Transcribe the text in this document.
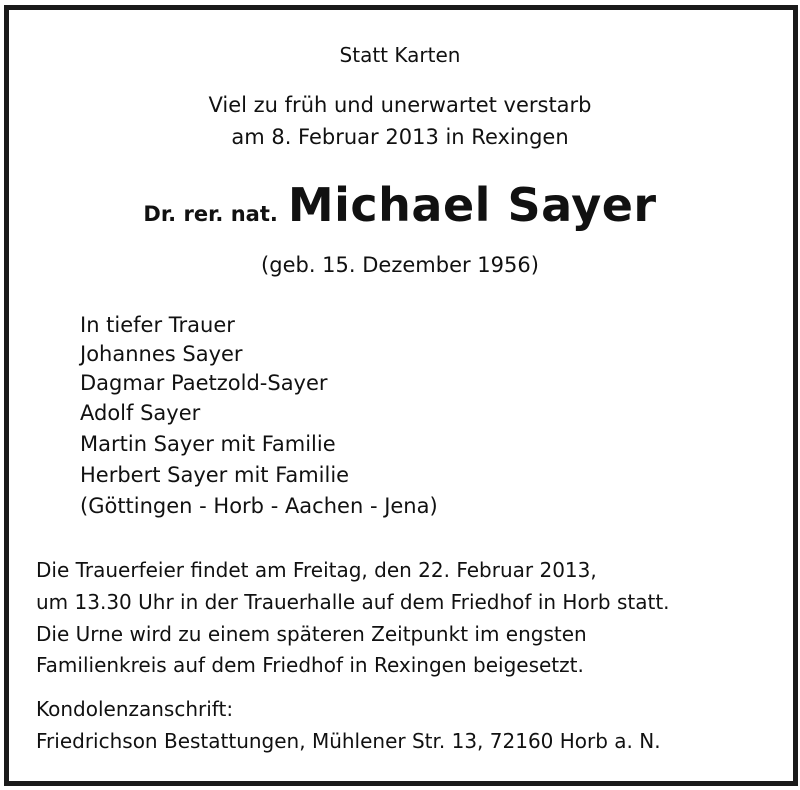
Statt Karten
Viel zu früh und unerwartet verstarb
am 8. Februar 2013 in Rexingen
Dr. rer. nat. Michael Sayer
(geb. 15. Dezember 1956)
In tiefer Trauer
Johannes Sayer
Dagmar Paetzold-Sayer
Adolf Sayer
Martin Sayer mit Familie
Herbert Sayer mit Familie
(Göttingen - Horb - Aachen - Jena)
Die Trauerfeier findet am Freitag, den 22. Februar 2013,
um 13.30 Uhr in der Trauerhalle auf dem Friedhof in Horb statt.
Die Urne wird zu einem späteren Zeitpunkt im engsten
Familienkreis auf dem Friedhof in Rexingen beigesetzt.
Kondolenzanschrift:
Friedrichson Bestattungen, Mühlener Str. 13, 72160 Horb a. N.
